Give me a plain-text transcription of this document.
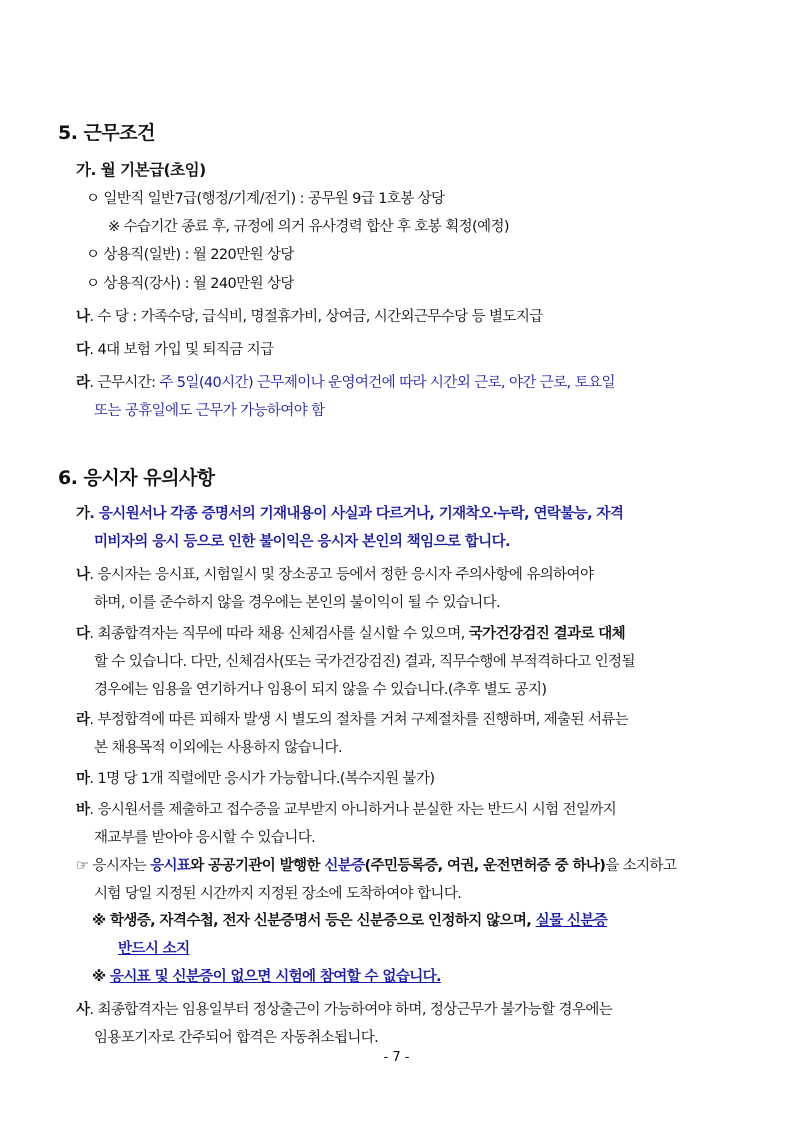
5. 근무조건
가. 월 기본급(초임)
ㅇ 일반직 일반7급(행정/기계/전기) : 공무원 9급 1호봉 상당
※ 수습기간 종료 후, 규정에 의거 유사경력 합산 후 호봉 획정(예정)
ㅇ 상용직(일반) : 월 220만원 상당
ㅇ 상용직(강사) : 월 240만원 상당
나. 수 당 : 가족수당, 급식비, 명절휴가비, 상여금, 시간외근무수당 등 별도지급
다. 4대 보험 가입 및 퇴직금 지급
라. 근무시간: 주 5일(40시간) 근무제이나 운영여건에 따라 시간외 근로, 야간 근로, 토요일
또는 공휴일에도 근무가 가능하여야 함
6. 응시자 유의사항
가. 응시원서나 각종 증명서의 기재내용이 사실과 다르거나, 기재착오·누락, 연락불능, 자격
미비자의 응시 등으로 인한 불이익은 응시자 본인의 책임으로 합니다.
나. 응시자는 응시표, 시험일시 및 장소공고 등에서 정한 응시자 주의사항에 유의하여야
하며, 이를 준수하지 않을 경우에는 본인의 불이익이 될 수 있습니다.
다. 최종합격자는 직무에 따라 채용 신체검사를 실시할 수 있으며, 국가건강검진 결과로 대체
할 수 있습니다. 다만, 신체검사(또는 국가건강검진) 결과, 직무수행에 부적격하다고 인정될
경우에는 임용을 연기하거나 임용이 되지 않을 수 있습니다.(추후 별도 공지)
라. 부정합격에 따른 피해자 발생 시 별도의 절차를 거쳐 구제절차를 진행하며, 제출된 서류는
본 채용목적 이외에는 사용하지 않습니다.
마. 1명 당 1개 직렬에만 응시가 가능합니다.(복수지원 불가)
바. 응시원서를 제출하고 접수증을 교부받지 아니하거나 분실한 자는 반드시 시험 전일까지
재교부를 받아야 응시할 수 있습니다.
☞ 응시자는 응시표와 공공기관이 발행한 신분증(주민등록증, 여권, 운전면허증 중 하나)을 소지하고
시험 당일 지정된 시간까지 지정된 장소에 도착하여야 합니다.
※ 학생증, 자격수첩, 전자 신분증명서 등은 신분증으로 인정하지 않으며, 실물 신분증
반드시 소지
※ 응시표 및 신분증이 없으면 시험에 참여할 수 없습니다.
사. 최종합격자는 임용일부터 정상출근이 가능하여야 하며, 정상근무가 불가능할 경우에는
임용포기자로 간주되어 합격은 자동취소됩니다.
- 7 -
